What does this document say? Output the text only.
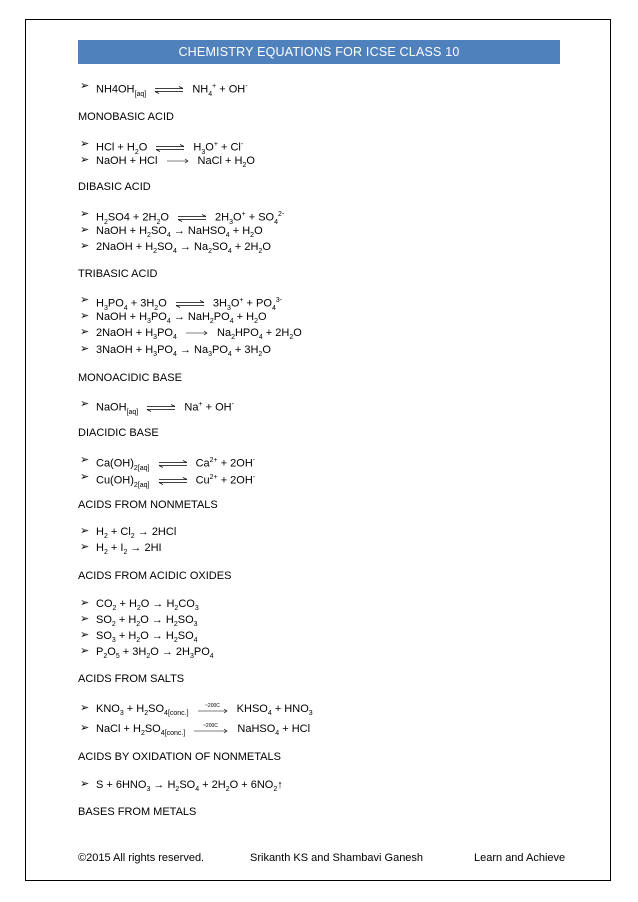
CHEMISTRY EQUATIONS FOR ICSE CLASS 10
➢ $NH4OH_{[aq]}$ ⇌ $NH_4^+ + OH^-$
MONOBASIC ACID
➢ HCl + $H_2O$ ⇌ $H_3O^+ + Cl^-$
➢ NaOH + HCl → NaCl + $H_2O$
DIBASIC ACID
➢ $H_2SO4 + 2H_2O$ ⇌ $2H_3O^+ + SO_4^{2-}$
➢ NaOH + $H_2SO_4$ → NaHSO$_4$ + $H_2O$
➢ 2NaOH + $H_2SO_4 \to Na_2SO_4 + 2H_2O$
TRIBASIC ACID
➢ $H_3PO_4 + 3H_2O$ ⇌ $3H_3O^+ + PO_4^{3-}$
➢ NaOH + $H_3PO_4 \to NaH_2PO_4 + H_2O$
➢ 2NaOH + $H_3PO_4 \to Na_2HPO_4 + 2H_2O$
➢ 3NaOH + $H_3PO_4 \to Na_3PO_4 + 3H_2O$
MONOACIDIC BASE
➢ NaOH$_{[aq]}$ ⇌ Na+ + OH-
DIACIDIC BASE
➢ $Ca(OH)_{2[aq]}$ ⇌ $Ca^{2+} + 2OH^-$
➢ $Cu(OH)_{2[aq]}$ ⇌ $Cu^{2+} + 2OH^-$
ACIDS FROM NONMETALS
➢ $H_2 + Cl_2 \to 2HCl$
➢ $H_2 + I_2 \to 2HI$
ACIDS FROM ACIDIC OXIDES
➢ $CO_2 + H_2O \to H_2CO_3$
➢ $SO_2 + H_2O \to H_2SO_3$
➢ $SO_3 + H_2O \to H_2SO_4$
➢ $P_2O_5 + 3H_2O \to 2H_3PO_4$
ACIDS FROM SALTS
➢ $KNO_3 + H_2SO_{4[conc.]}$
~200C $KHSO_4 + HNO_3$
➢ NaCl + $H_2SO_{4[conc.]}$
~200C NaHSO$_4$ + HCl
ACIDS BY OXIDATION OF NONMETALS
➢ $S + 6HNO_3 \to H_2SO_4 + 2H_2O$ + $6NO_2↑$
BASES FROM METALS
©2015 All rights reserved.	Srikanth KS and Shambavi Ganesh	Learn and Achieve
